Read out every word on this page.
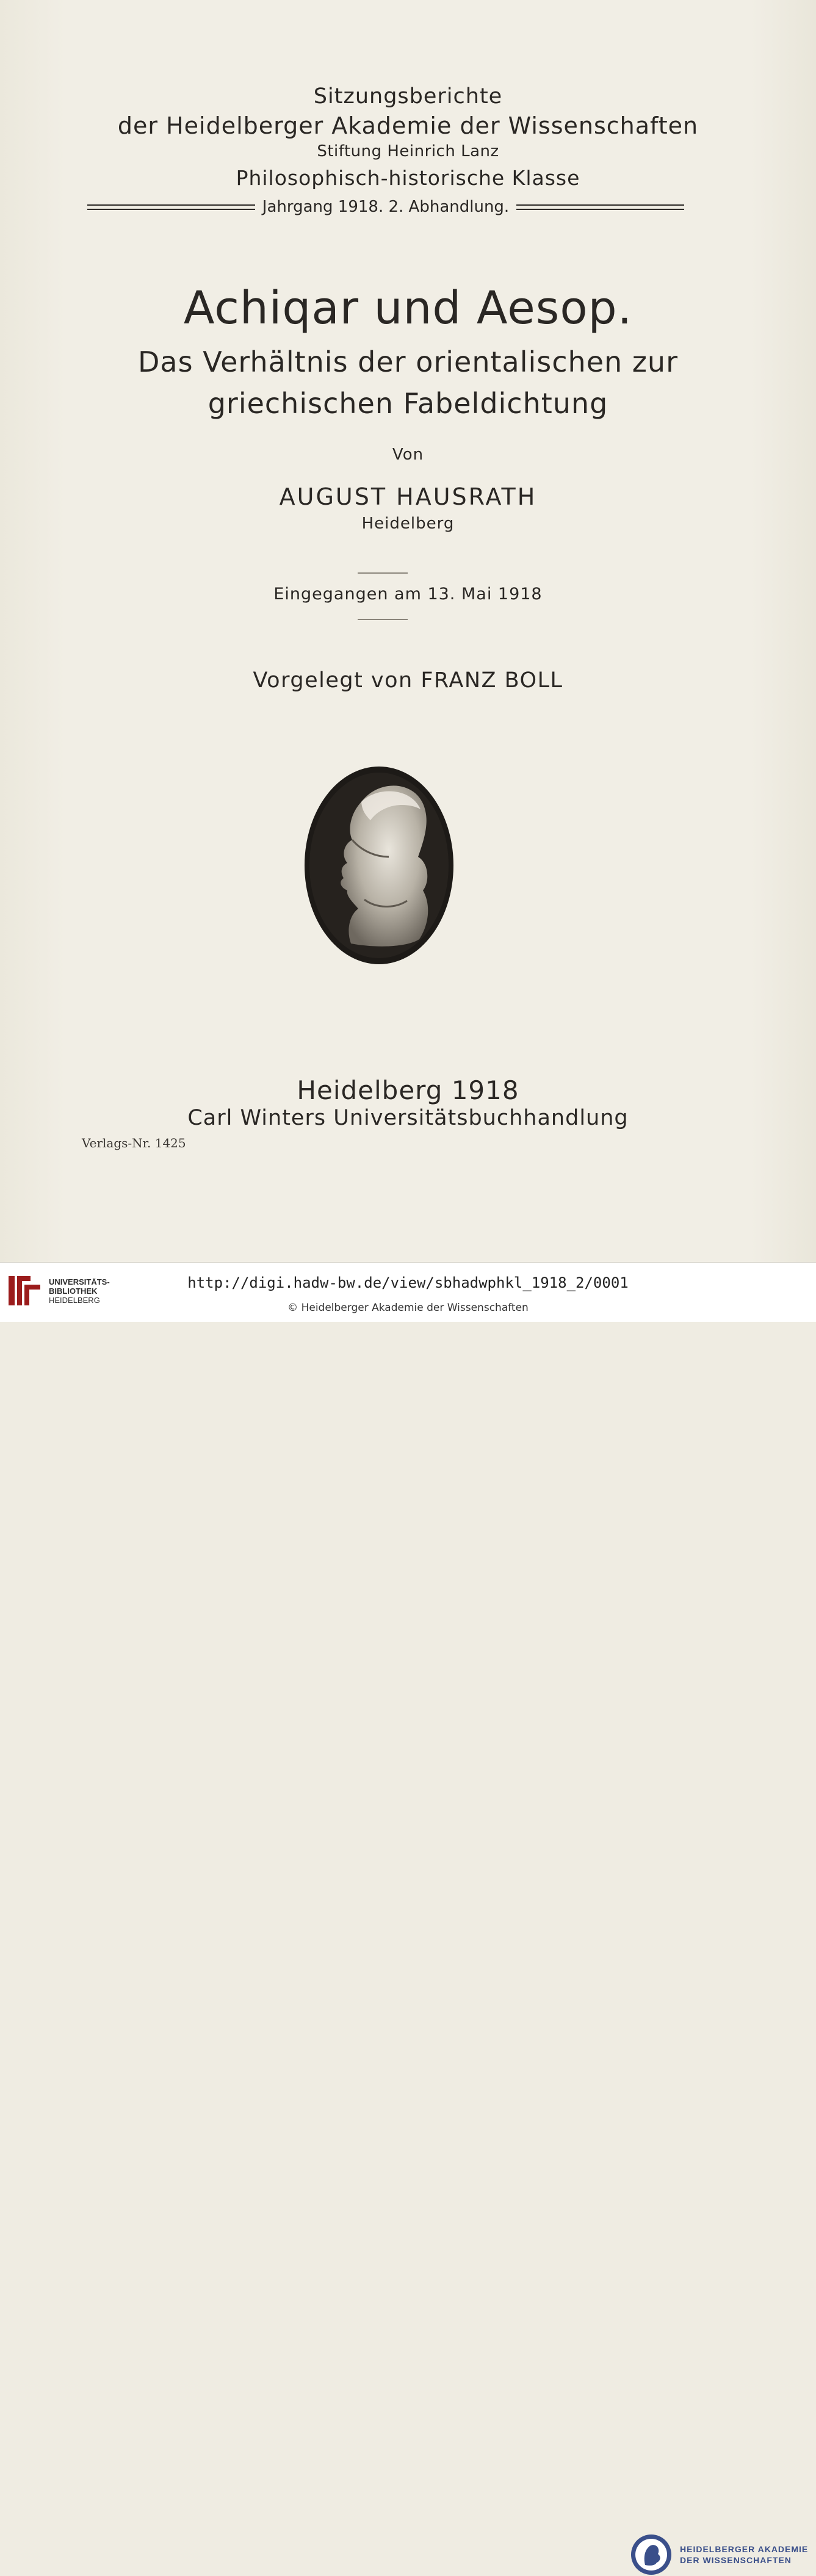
Sitzungsberichte
der Heidelberger Akademie der Wissenschaften
Stiftung Heinrich Lanz
Philosophisch-historische Klasse
Jahrgang 1918. 2. Abhandlung.
Achiqar und Aesop.
Das Verhältnis der orientalischen zur
griechischen Fabeldichtung
Von
AUGUST HAUSRATH
Heidelberg
Eingegangen am 13. Mai 1918
Vorgelegt von FRANZ BOLL
Heidelberg 1918
Carl Winters Universitätsbuchhandlung
Verlags-Nr. 1425
UNIVERSITÄTS-
BIBLIOTHEK
HEIDELBERG
HEIDELBERGER AKADEMIE
DER WISSENSCHAFTEN
http://digi.hadw-bw.de/view/sbhadwphkl_1918_2/0001
© Heidelberger Akademie der Wissenschaften
